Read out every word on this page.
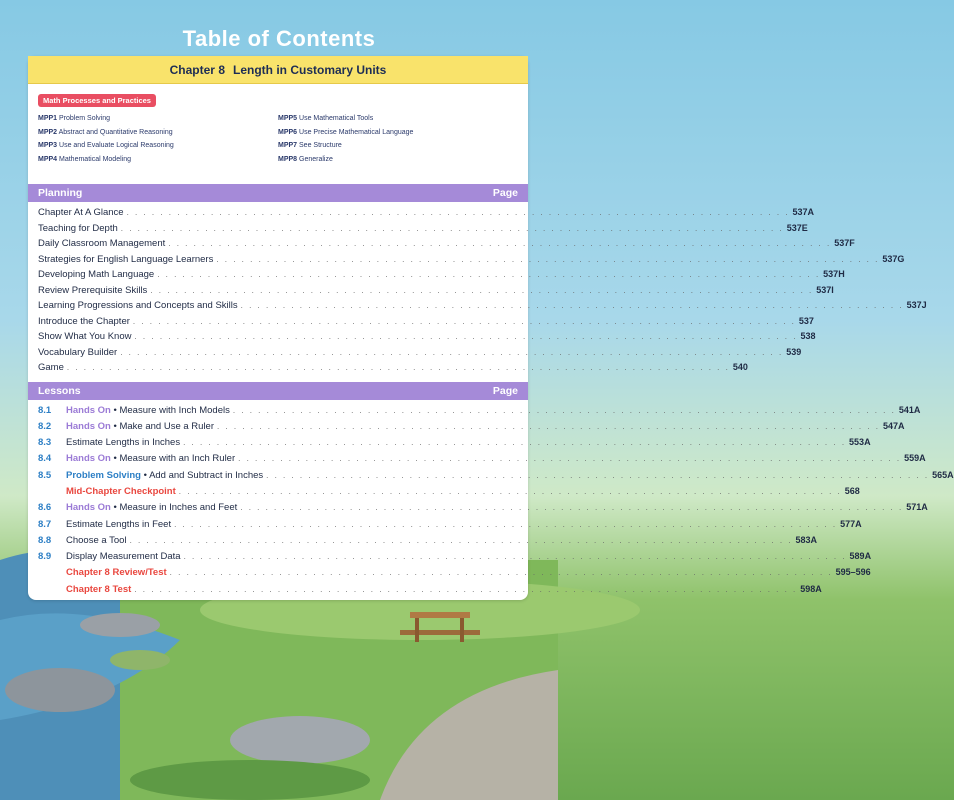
Table of Contents
Chapter 8 Length in Customary Units
Math Processes and Practices
MPP1 Problem Solving
MPP2 Abstract and Quantitative Reasoning
MPP3 Use and Evaluate Logical Reasoning
MPP4 Mathematical Modeling
MPP5 Use Mathematical Tools
MPP6 Use Precise Mathematical Language
MPP7 See Structure
MPP8 Generalize
Planning	Page
Chapter At A Glance . . . . . . . . . . . . . . . . . . . . . . . . . . . . . . . . . . . . . . . . . . . . . . . . . . . . . . . . . . . . . . . . . . . . . . . . . . . . . . . 537A
Teaching for Depth . . . . . . . . . . . . . . . . . . . . . . . . . . . . . . . . . . . . . . . . . . . . . . . . . . . . . . . . . . . . . . . . . . . . . . . . . . . . . . . 537E
Daily Classroom Management . . . . . . . . . . . . . . . . . . . . . . . . . . . . . . . . . . . . . . . . . . . . . . . . . . . . . . . . . . . . . . . . . . . . . . . . . . . . . . . 537F
Strategies for English Language Learners . . . . . . . . . . . . . . . . . . . . . . . . . . . . . . . . . . . . . . . . . . . . . . . . . . . . . . . . . . . . . . . . . . . . . . . . . . . . . . . 537G
Developing Math Language . . . . . . . . . . . . . . . . . . . . . . . . . . . . . . . . . . . . . . . . . . . . . . . . . . . . . . . . . . . . . . . . . . . . . . . . . . . . . . . 537H
Review Prerequisite Skills . . . . . . . . . . . . . . . . . . . . . . . . . . . . . . . . . . . . . . . . . . . . . . . . . . . . . . . . . . . . . . . . . . . . . . . . . . . . . . . 537I
Learning Progressions and Concepts and Skills . . . . . . . . . . . . . . . . . . . . . . . . . . . . . . . . . . . . . . . . . . . . . . . . . . . . . . . . . . . . . . . . . . . . . . . . . . . . . . . 537J
Introduce the Chapter . . . . . . . . . . . . . . . . . . . . . . . . . . . . . . . . . . . . . . . . . . . . . . . . . . . . . . . . . . . . . . . . . . . . . . . . . . . . . . . 537
Show What You Know . . . . . . . . . . . . . . . . . . . . . . . . . . . . . . . . . . . . . . . . . . . . . . . . . . . . . . . . . . . . . . . . . . . . . . . . . . . . . . . 538
Vocabulary Builder . . . . . . . . . . . . . . . . . . . . . . . . . . . . . . . . . . . . . . . . . . . . . . . . . . . . . . . . . . . . . . . . . . . . . . . . . . . . . . . 539
Game . . . . . . . . . . . . . . . . . . . . . . . . . . . . . . . . . . . . . . . . . . . . . . . . . . . . . . . . . . . . . . . . . . . . . . . . . . . . . . . 540
Lessons	Page
8.1	Hands On • Measure with Inch Models . . . . . . . . . . . . . . . . . . . . . . . . . . . . . . . . . . . . . . . . . . . . . . . . . . . . . . . . . . . . . . . . . . . . . . . . . . . . . . . 541A
8.2	Hands On • Make and Use a Ruler . . . . . . . . . . . . . . . . . . . . . . . . . . . . . . . . . . . . . . . . . . . . . . . . . . . . . . . . . . . . . . . . . . . . . . . . . . . . . . . 547A
8.3	Estimate Lengths in Inches . . . . . . . . . . . . . . . . . . . . . . . . . . . . . . . . . . . . . . . . . . . . . . . . . . . . . . . . . . . . . . . . . . . . . . . . . . . . . . . 553A
8.4	Hands On • Measure with an Inch Ruler . . . . . . . . . . . . . . . . . . . . . . . . . . . . . . . . . . . . . . . . . . . . . . . . . . . . . . . . . . . . . . . . . . . . . . . . . . . . . . . 559A
8.5	Problem Solving • Add and Subtract in Inches . . . . . . . . . . . . . . . . . . . . . . . . . . . . . . . . . . . . . . . . . . . . . . . . . . . . . . . . . . . . . . . . . . . . . . . . . . . . . . . 565A
Mid-Chapter Checkpoint . . . . . . . . . . . . . . . . . . . . . . . . . . . . . . . . . . . . . . . . . . . . . . . . . . . . . . . . . . . . . . . . . . . . . . . . . . . . . . . 568
8.6	Hands On • Measure in Inches and Feet . . . . . . . . . . . . . . . . . . . . . . . . . . . . . . . . . . . . . . . . . . . . . . . . . . . . . . . . . . . . . . . . . . . . . . . . . . . . . . . 571A
8.7	Estimate Lengths in Feet . . . . . . . . . . . . . . . . . . . . . . . . . . . . . . . . . . . . . . . . . . . . . . . . . . . . . . . . . . . . . . . . . . . . . . . . . . . . . . . 577A
8.8	Choose a Tool . . . . . . . . . . . . . . . . . . . . . . . . . . . . . . . . . . . . . . . . . . . . . . . . . . . . . . . . . . . . . . . . . . . . . . . . . . . . . . . 583A
8.9	Display Measurement Data . . . . . . . . . . . . . . . . . . . . . . . . . . . . . . . . . . . . . . . . . . . . . . . . . . . . . . . . . . . . . . . . . . . . . . . . . . . . . . . 589A
Chapter 8 Review/Test . . . . . . . . . . . . . . . . . . . . . . . . . . . . . . . . . . . . . . . . . . . . . . . . . . . . . . . . . . . . . . . . . . . . . . . . . . . . . . . 595–596
Chapter 8 Test . . . . . . . . . . . . . . . . . . . . . . . . . . . . . . . . . . . . . . . . . . . . . . . . . . . . . . . . . . . . . . . . . . . . . . . . . . . . . . . 598A
